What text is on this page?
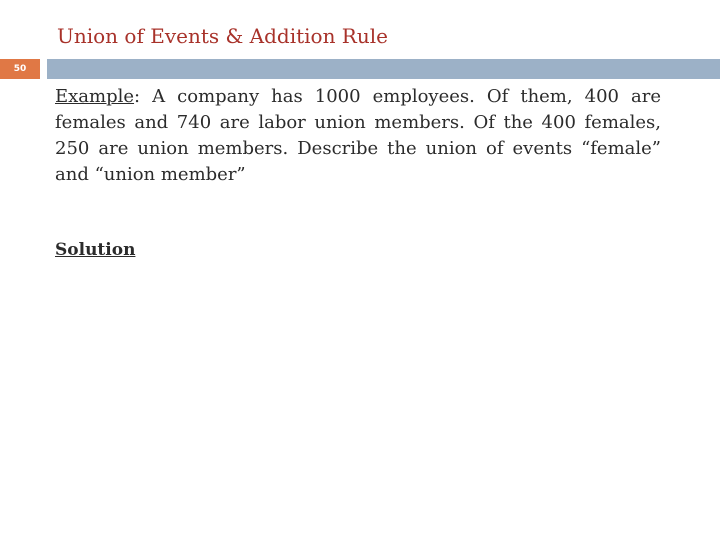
Union of Events & Addition Rule
50

Example: A company has 1000 employees. Of them, 400 are females and 740 are labor union members. Of the 400 females, 250 are union members. Describe the union of events “female” and “union member”

Solution
